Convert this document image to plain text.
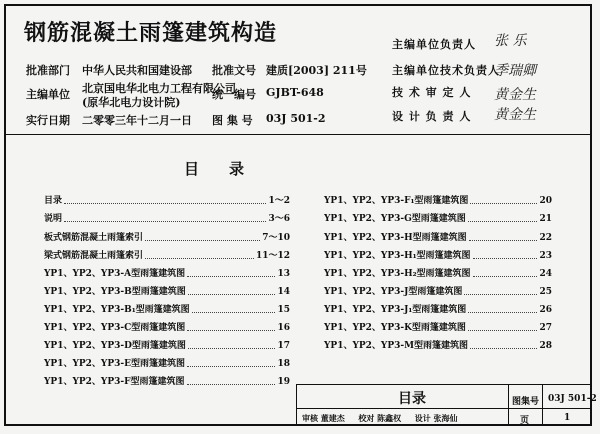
钢筋混凝土雨篷建筑构造
批准部门 中华人民共和国建设部 批准文号 建质[2003] 211号
主编单位 北京国电华北电力工程有限公司
(原华北电力设计院)
统一编号 GJBT-648
实行日期 二零零三年十二月一日 图 集 号 03J 501-2
主编单位负责人 张 乐
主编单位技术负责人
季瑞卿
技 术 审 定 人 黄金生
设 计 负 责 人 黄金生
目　　录
目录	1～2
说明	3～6
板式钢筋混凝土雨篷索引	7～10
梁式钢筋混凝土雨篷索引	11～12
YP1、YP2、YP3-A型雨篷建筑图	13
YP1、YP2、YP3-B型雨篷建筑图	14
YP1、YP2、YP3-B₁型雨篷建筑图	15
YP1、YP2、YP3-C型雨篷建筑图	16
YP1、YP2、YP3-D型雨篷建筑图	17
YP1、YP2、YP3-E型雨篷建筑图	18
YP1、YP2、YP3-F型雨篷建筑图	19
YP1、YP2、YP3-F₁型雨篷建筑图	20
YP1、YP2、YP3-G型雨篷建筑图	21
YP1、YP2、YP3-H型雨篷建筑图	22
YP1、YP2、YP3-H₁型雨篷建筑图	23
YP1、YP2、YP3-H₂型雨篷建筑图	24
YP1、YP2、YP3-J型雨篷建筑图	25
YP1、YP2、YP3-J₁型雨篷建筑图	26
YP1、YP2、YP3-K型雨篷建筑图	27
YP1、YP2、YP3-M型雨篷建筑图	28
目录	图集号 03J 501-2
页	1
审核 董建杰 　 校对 陈鑫权 　 设计 张海仙
